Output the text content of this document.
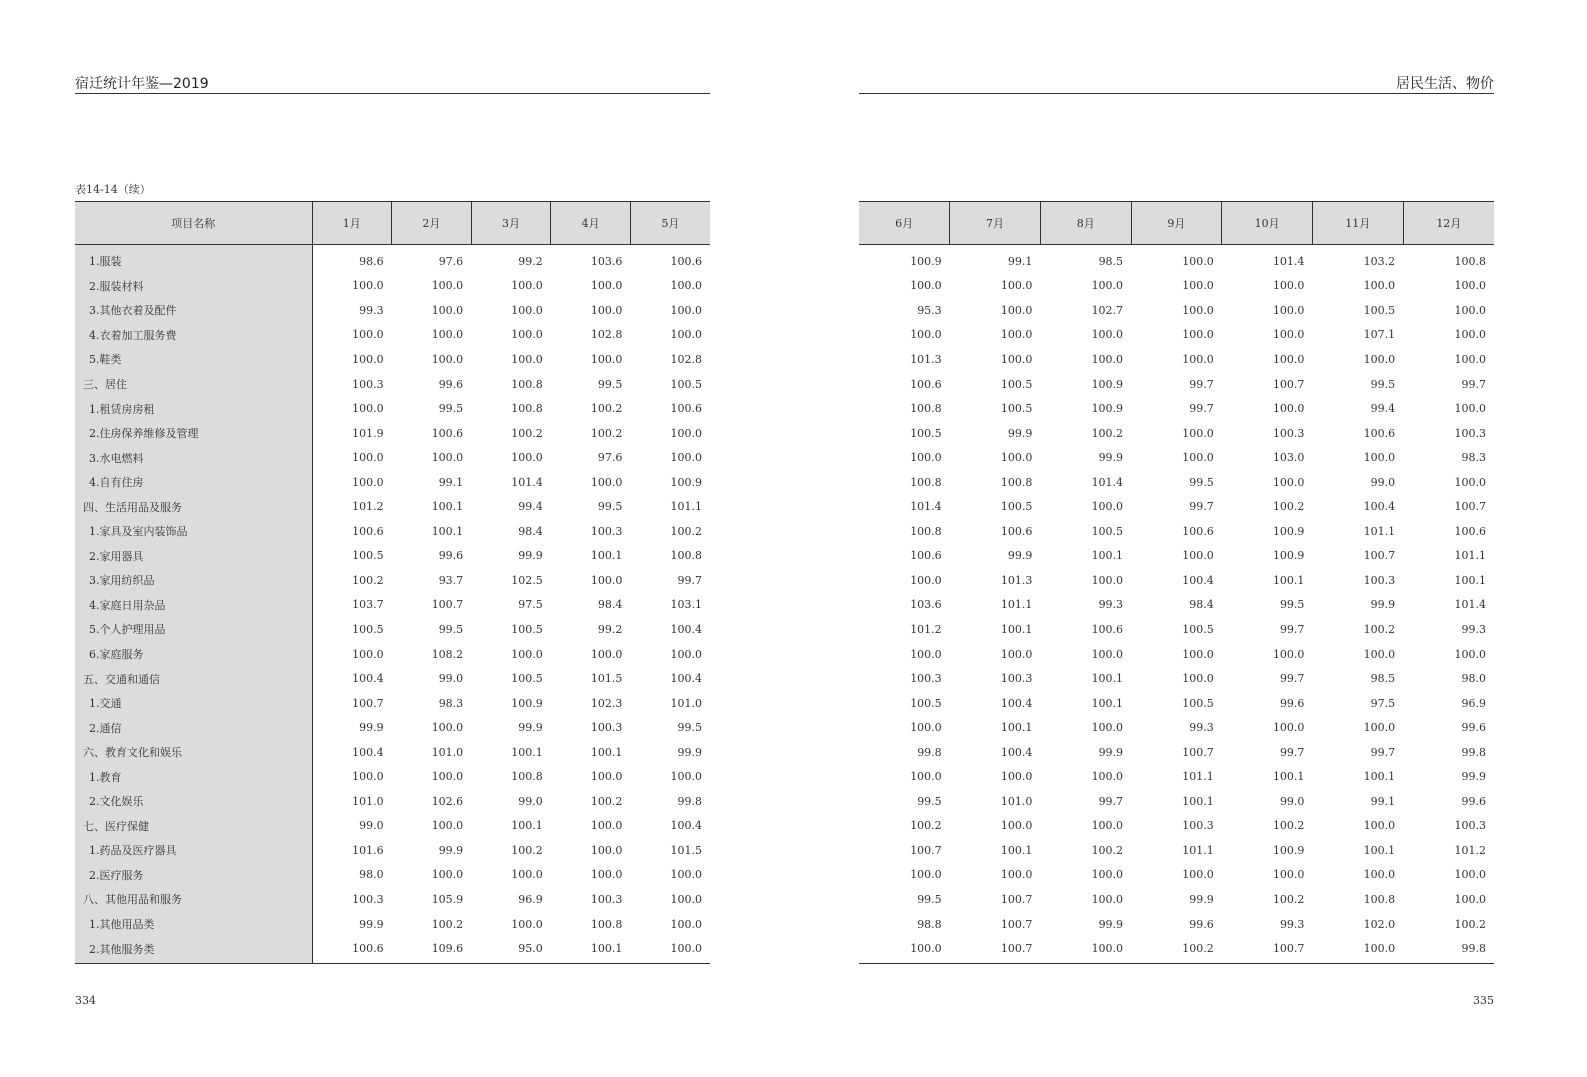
宿迁统计年鉴—2019	居民生活、物价
表14-14（续）
项目名称	1月	2月	3月	4月	5月
1.服装	98.6	97.6	99.2	103.6	100.6
2.服装材料	100.0	100.0	100.0	100.0	100.0
3.其他衣着及配件	99.3	100.0	100.0	100.0	100.0
4.衣着加工服务费	100.0	100.0	100.0	102.8	100.0
5.鞋类	100.0	100.0	100.0	100.0	102.8
三、居住	100.3	99.6	100.8	99.5	100.5
1.租赁房房租	100.0	99.5	100.8	100.2	100.6
2.住房保养维修及管理	101.9	100.6	100.2	100.2	100.0
3.水电燃料	100.0	100.0	100.0	97.6	100.0
4.自有住房	100.0	99.1	101.4	100.0	100.9
四、生活用品及服务	101.2	100.1	99.4	99.5	101.1
1.家具及室内装饰品	100.6	100.1	98.4	100.3	100.2
2.家用器具	100.5	99.6	99.9	100.1	100.8
3.家用纺织品	100.2	93.7	102.5	100.0	99.7
4.家庭日用杂品	103.7	100.7	97.5	98.4	103.1
5.个人护理用品	100.5	99.5	100.5	99.2	100.4
6.家庭服务	100.0	108.2	100.0	100.0	100.0
五、交通和通信	100.4	99.0	100.5	101.5	100.4
1.交通	100.7	98.3	100.9	102.3	101.0
2.通信	99.9	100.0	99.9	100.3	99.5
六、教育文化和娱乐	100.4	101.0	100.1	100.1	99.9
1.教育	100.0	100.0	100.8	100.0	100.0
2.文化娱乐	101.0	102.6	99.0	100.2	99.8
七、医疗保健	99.0	100.0	100.1	100.0	100.4
1.药品及医疗器具	101.6	99.9	100.2	100.0	101.5
2.医疗服务	98.0	100.0	100.0	100.0	100.0
八、其他用品和服务	100.3	105.9	96.9	100.3	100.0
1.其他用品类	99.9	100.2	100.0	100.8	100.0
2.其他服务类	100.6	109.6	95.0	100.1	100.0
6月	7月	8月	9月	10月	11月	12月
100.9	99.1	98.5	100.0	101.4	103.2	100.8
100.0	100.0	100.0	100.0	100.0	100.0	100.0
95.3	100.0	102.7	100.0	100.0	100.5	100.0
100.0	100.0	100.0	100.0	100.0	107.1	100.0
101.3	100.0	100.0	100.0	100.0	100.0	100.0
100.6	100.5	100.9	99.7	100.7	99.5	99.7
100.8	100.5	100.9	99.7	100.0	99.4	100.0
100.5	99.9	100.2	100.0	100.3	100.6	100.3
100.0	100.0	99.9	100.0	103.0	100.0	98.3
100.8	100.8	101.4	99.5	100.0	99.0	100.0
101.4	100.5	100.0	99.7	100.2	100.4	100.7
100.8	100.6	100.5	100.6	100.9	101.1	100.6
100.6	99.9	100.1	100.0	100.9	100.7	101.1
100.0	101.3	100.0	100.4	100.1	100.3	100.1
103.6	101.1	99.3	98.4	99.5	99.9	101.4
101.2	100.1	100.6	100.5	99.7	100.2	99.3
100.0	100.0	100.0	100.0	100.0	100.0	100.0
100.3	100.3	100.1	100.0	99.7	98.5	98.0
100.5	100.4	100.1	100.5	99.6	97.5	96.9
100.0	100.1	100.0	99.3	100.0	100.0	99.6
99.8	100.4	99.9	100.7	99.7	99.7	99.8
100.0	100.0	100.0	101.1	100.1	100.1	99.9
99.5	101.0	99.7	100.1	99.0	99.1	99.6
100.2	100.0	100.0	100.3	100.2	100.0	100.3
100.7	100.1	100.2	101.1	100.9	100.1	101.2
100.0	100.0	100.0	100.0	100.0	100.0	100.0
99.5	100.7	100.0	99.9	100.2	100.8	100.0
98.8	100.7	99.9	99.6	99.3	102.0	100.2
100.0	100.7	100.0	100.2	100.7	100.0	99.8
334	335
